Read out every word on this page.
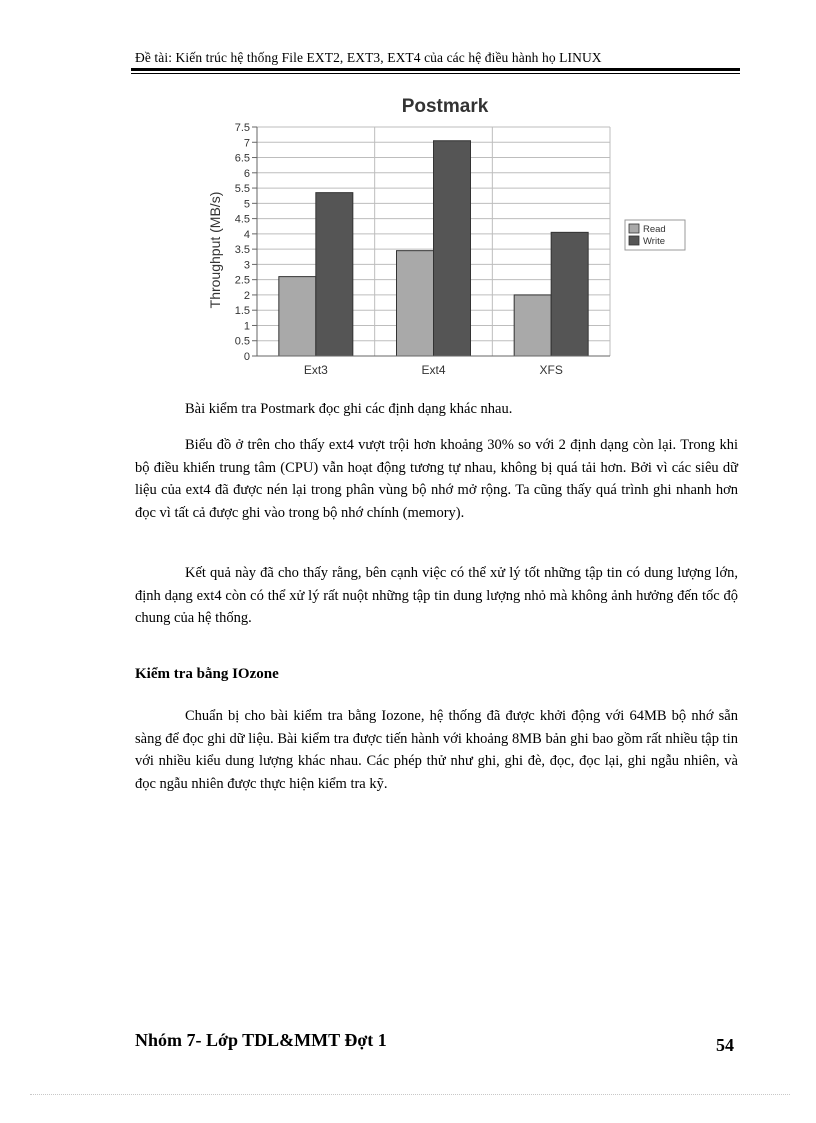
Đề tài: Kiến trúc hệ thống File EXT2, EXT3, EXT4 của các hệ điều hành họ LINUX
Postmark
Throughput (MB/s)
0
0.5
1
1.5
2
2.5
3
3.5
4
4.5
5
5.5
6
6.5
7
7.5
Ext3	Ext4	XFS
Read
Write
Bài kiểm tra Postmark đọc ghi các định dạng khác nhau.

Biểu đồ ở trên cho thấy ext4 vượt trội hơn khoảng 30% so với 2 định dạng còn lại. Trong khi bộ điều khiển trung tâm (CPU) vẫn hoạt động tương tự nhau, không bị quá tải hơn. Bởi vì các siêu dữ liệu của ext4 đã được nén lại trong phân vùng bộ nhớ mở rộng. Ta cũng thấy quá trình ghi nhanh hơn đọc vì tất cả được ghi vào trong bộ nhớ chính (memory).

Kết quả này đã cho thấy rằng, bên cạnh việc có thể xử lý tốt những tập tin có dung lượng lớn, định dạng ext4 còn có thể xử lý rất nuột những tập tin dung lượng nhỏ mà không ảnh hưởng đến tốc độ chung của hệ thống.

Kiểm tra bằng IOzone

Chuẩn bị cho bài kiểm tra bằng Iozone, hệ thống đã được khởi động với 64MB bộ nhớ sẵn sàng để đọc ghi dữ liệu. Bài kiểm tra được tiến hành với khoảng 8MB bản ghi bao gồm rất nhiều tập tin với nhiều kiểu dung lượng khác nhau. Các phép thử như ghi, ghi đè, đọc, đọc lại, ghi ngẫu nhiên, và đọc ngẫu nhiên được thực hiện kiểm tra kỹ.

Nhóm 7- Lớp TDL&MMT Đợt 1	54
